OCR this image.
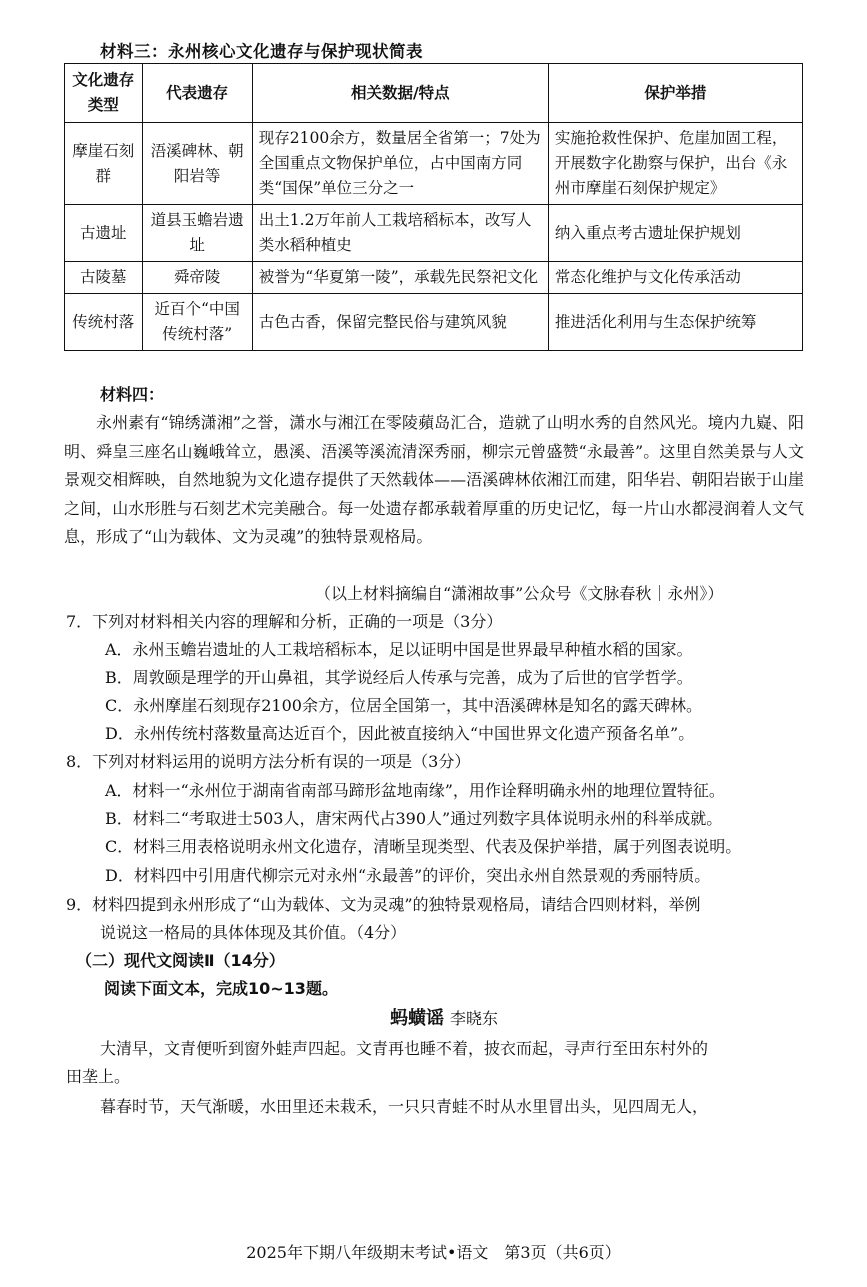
材料三：永州核心文化遗存与保护现状简表
文化遗存类型	代表遗存	相关数据/特点	保护举措
摩崖石刻群	浯溪碑林、朝阳岩等	现存2100余方，数量居全省第一；7处为全国重点文物保护单位，占中国南方同类“国保”单位三分之一	实施抢救性保护、危崖加固工程，开展数字化勘察与保护，出台《永州市摩崖石刻保护规定》
古遗址	道县玉蟾岩遗址	出土1.2万年前人工栽培稻标本，改写人类水稻种植史	纳入重点考古遗址保护规划
古陵墓	舜帝陵	被誉为“华夏第一陵”，承载先民祭祀文化	常态化维护与文化传承活动
传统村落	近百个“中国传统村落”	古色古香，保留完整民俗与建筑风貌	推进活化利用与生态保护统筹
材料四：
永州素有“锦绣潇湘”之誉，潇水与湘江在零陵蘋岛汇合，造就了山明水秀的自然风光。境内九嶷、阳明、舜皇三座名山巍峨耸立，愚溪、浯溪等溪流清深秀丽，柳宗元曾盛赞“永最善”。这里自然美景与人文景观交相辉映，自然地貌为文化遗存提供了天然载体——浯溪碑林依湘江而建，阳华岩、朝阳岩嵌于山崖之间，山水形胜与石刻艺术完美融合。每一处遗存都承载着厚重的历史记忆，每一片山水都浸润着人文气息，形成了“山为载体、文为灵魂”的独特景观格局。
（以上材料摘编自“潇湘故事”公众号《文脉春秋｜永州》）
7．下列对材料相关内容的理解和分析，正确的一项是（3分）
A．永州玉蟾岩遗址的人工栽培稻标本，足以证明中国是世界最早种植水稻的国家。
B．周敦颐是理学的开山鼻祖，其学说经后人传承与完善，成为了后世的官学哲学。
C．永州摩崖石刻现存2100余方，位居全国第一，其中浯溪碑林是知名的露天碑林。
D．永州传统村落数量高达近百个，因此被直接纳入“中国世界文化遗产预备名单”。
8．下列对材料运用的说明方法分析有误的一项是（3分）
A．材料一“永州位于湖南省南部马蹄形盆地南缘”，用作诠释明确永州的地理位置特征。
B．材料二“考取进士503人，唐宋两代占390人”通过列数字具体说明永州的科举成就。
C．材料三用表格说明永州文化遗存，清晰呈现类型、代表及保护举措，属于列图表说明。
D．材料四中引用唐代柳宗元对永州“永最善”的评价，突出永州自然景观的秀丽特质。
9．材料四提到永州形成了“山为载体、文为灵魂”的独特景观格局，请结合四则材料，举例
说说这一格局的具体体现及其价值。（4分）
（二）现代文阅读Ⅱ（14分）
阅读下面文本，完成10~13题。
蚂蟥谣 李晓东
大清早，文青便听到窗外蛙声四起。文青再也睡不着，披衣而起，寻声行至田东村外的
田垄上。
暮春时节，天气渐暖，水田里还未栽禾，一只只青蛙不时从水里冒出头，见四周无人，
2025年下期八年级期末考试•语文　第3页（共6页）
